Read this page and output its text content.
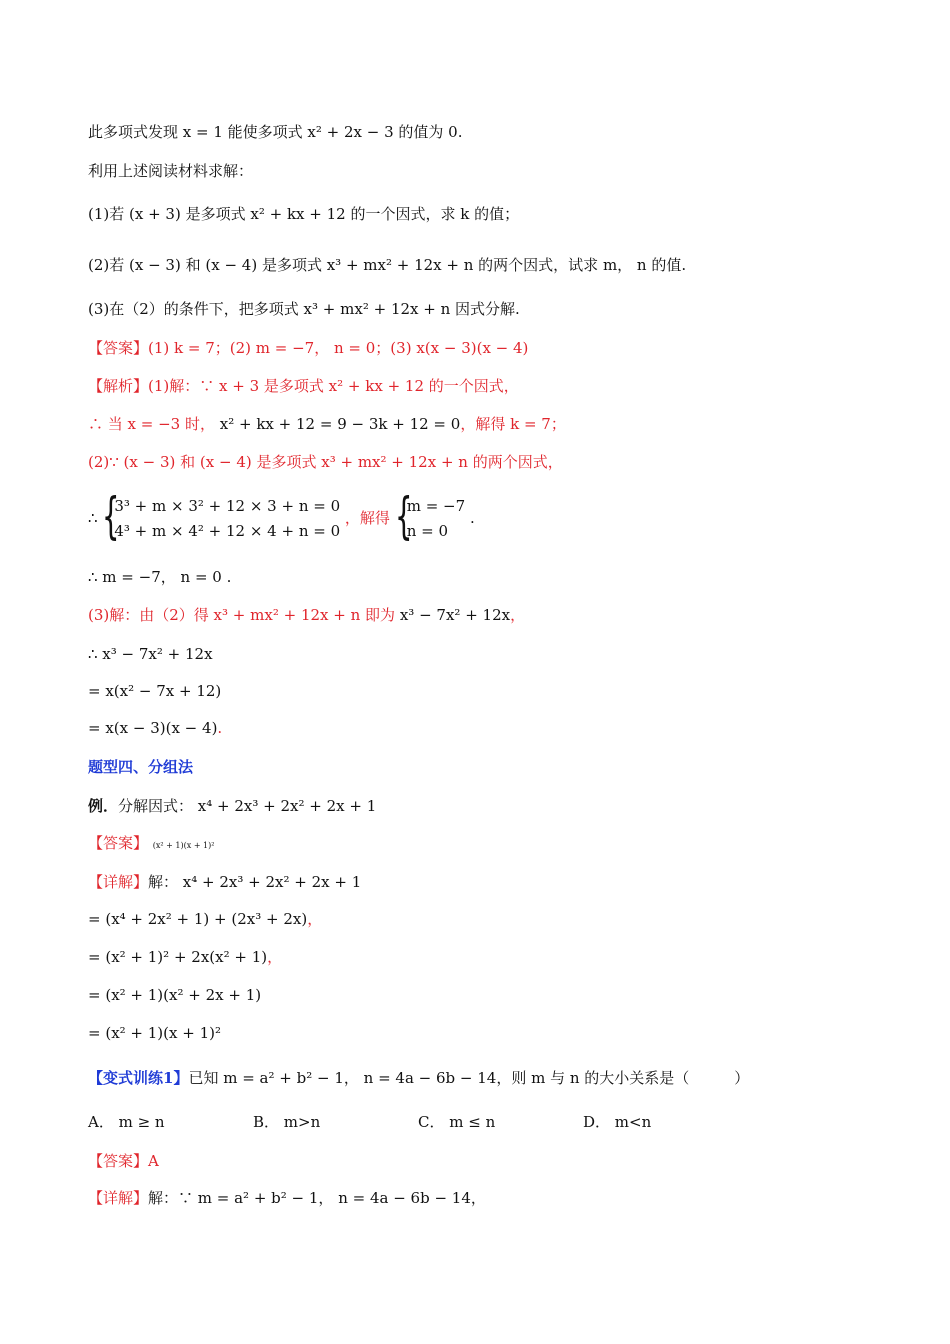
此多项式发现 x = 1 能使多项式 x² + 2x − 3 的值为 0.
利用上述阅读材料求解：
(1)若 (x + 3) 是多项式 x² + kx + 12 的一个因式，求 k 的值；
(2)若 (x − 3) 和 (x − 4) 是多项式 x³ + mx² + 12x + n 的两个因式，试求 m， n 的值.
(3)在（2）的条件下，把多项式 x³ + mx² + 12x + n 因式分解.
【答案】(1) k = 7；(2) m = −7， n = 0；(3) x(x − 3)(x − 4)
【解析】(1)解：∵ x + 3 是多项式 x² + kx + 12 的一个因式，
∴ 当 x = −3 时， x² + kx + 12 = 9 − 3k + 12 = 0，解得 k = 7；
(2)∵ (x − 3) 和 (x − 4) 是多项式 x³ + mx² + 12x + n 的两个因式，
∴ {
3³ + m × 3² + 12 × 3 + n = 0
4³ + m × 4² + 12 × 4 + n = 0
，解得 {
m = −7
n = 0
.
∴ m = −7， n = 0 .
(3)解：由（2）得 x³ + mx² + 12x + n 即为 x³ − 7x² + 12x，
∴ x³ − 7x² + 12x
= x(x² − 7x + 12)
= x(x − 3)(x − 4).
题型四、分组法
例．分解因式： x⁴ + 2x³ + 2x² + 2x + 1
【答案】 (x² + 1)(x + 1)²
【详解】解： x⁴ + 2x³ + 2x² + 2x + 1
= (x⁴ + 2x² + 1) + (2x³ + 2x)，
= (x² + 1)² + 2x(x² + 1)，
= (x² + 1)(x² + 2x + 1)
= (x² + 1)(x + 1)²
【变式训练1】已知 m = a² + b² − 1， n = 4a − 6b − 14，则 m 与 n 的大小关系是（　　　）
A． m ≥ n	B． m>n	C． m ≤ n	D． m<n
【答案】A
【详解】解：∵ m = a² + b² − 1， n = 4a − 6b − 14，
